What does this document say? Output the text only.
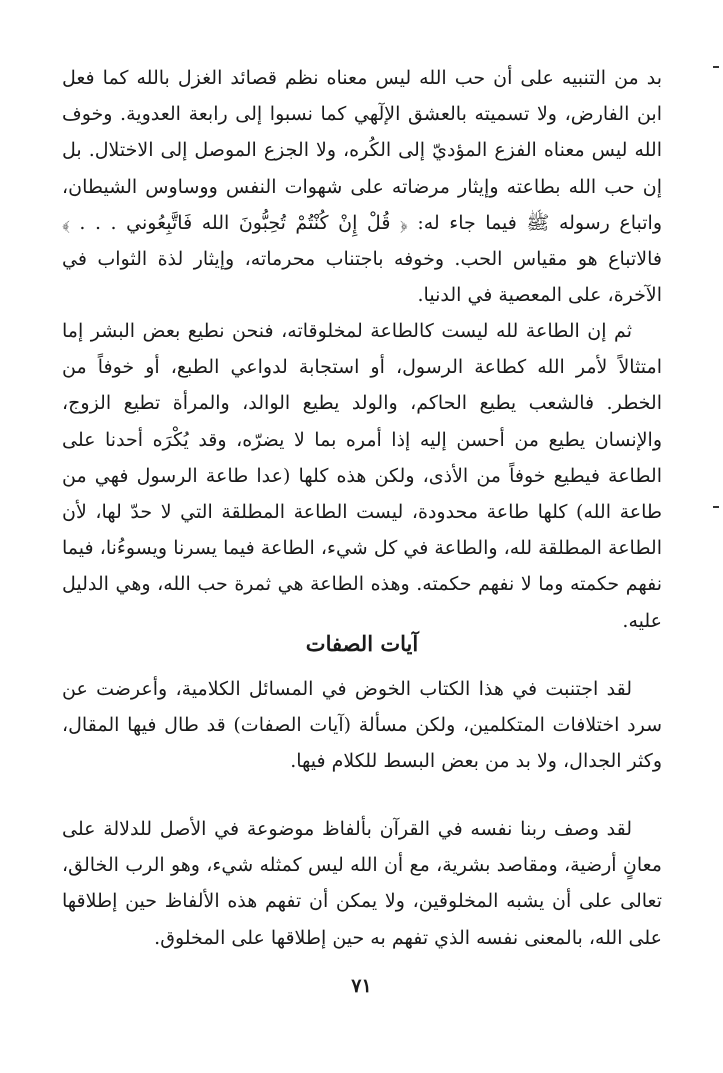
بد من التنبيه على أن حب الله ليس معناه نظم قصائد الغزل بالله كما فعل ابن الفارض، ولا تسميته بالعشق الإلٓهي كما نسبوا إلى رابعة العدوية. وخوف الله ليس معناه الفزع المؤديّ إلى الكُره، ولا الجزع الموصل إلى الاختلال. بل إن حب الله بطاعته وإيثار مرضاته على شهوات النفس ووساوس الشيطان، واتباع رسوله ﷺ فيما جاء له: ﴿ قُلْ إِنْ كُنْتُمْ تُحِبُّونَ الله فَاتَّبِعُوني . . . ﴾ فالاتباع هو مقياس الحب. وخوفه باجتناب محرماته، وإيثار لذة الثواب في الآخرة، على المعصية في الدنيا.

ثم إن الطاعة لله ليست كالطاعة لمخلوقاته، فنحن نطيع بعض البشر إما امتثالاً لأمر الله كطاعة الرسول، أو استجابة لدواعي الطبع، أو خوفاً من الخطر. فالشعب يطيع الحاكم، والولد يطيع الوالد، والمرأة تطيع الزوج، والإنسان يطيع من أحسن إليه إذا أمره بما لا يضرّه، وقد يُكْرَه أحدنا على الطاعة فيطيع خوفاً من الأذى، ولكن هذه كلها (عدا طاعة الرسول فهي من طاعة الله) كلها طاعة محدودة، ليست الطاعة المطلقة التي لا حدّ لها، لأن الطاعة المطلقة لله، والطاعة في كل شيء، الطاعة فيما يسرنا ويسوءُنا، فيما نفهم حكمته وما لا نفهم حكمته. وهذه الطاعة هي ثمرة حب الله، وهي الدليل عليه.

آيات الصفات

لقد اجتنبت في هذا الكتاب الخوض في المسائل الكلامية، وأعرضت عن سرد اختلافات المتكلمين، ولكن مسألة (آيات الصفات) قد طال فيها المقال، وكثر الجدال، ولا بد من بعض البسط للكلام فيها.

لقد وصف ربنا نفسه في القرآن بألفاظ موضوعة في الأصل للدلالة على معانٍ أرضية، ومقاصد بشرية، مع أن الله ليس كمثله شيء، وهو الرب الخالق، تعالى على أن يشبه المخلوقين، ولا يمكن أن تفهم هذه الألفاظ حين إطلاقها على الله، بالمعنى نفسه الذي تفهم به حين إطلاقها على المخلوق.

٧١
